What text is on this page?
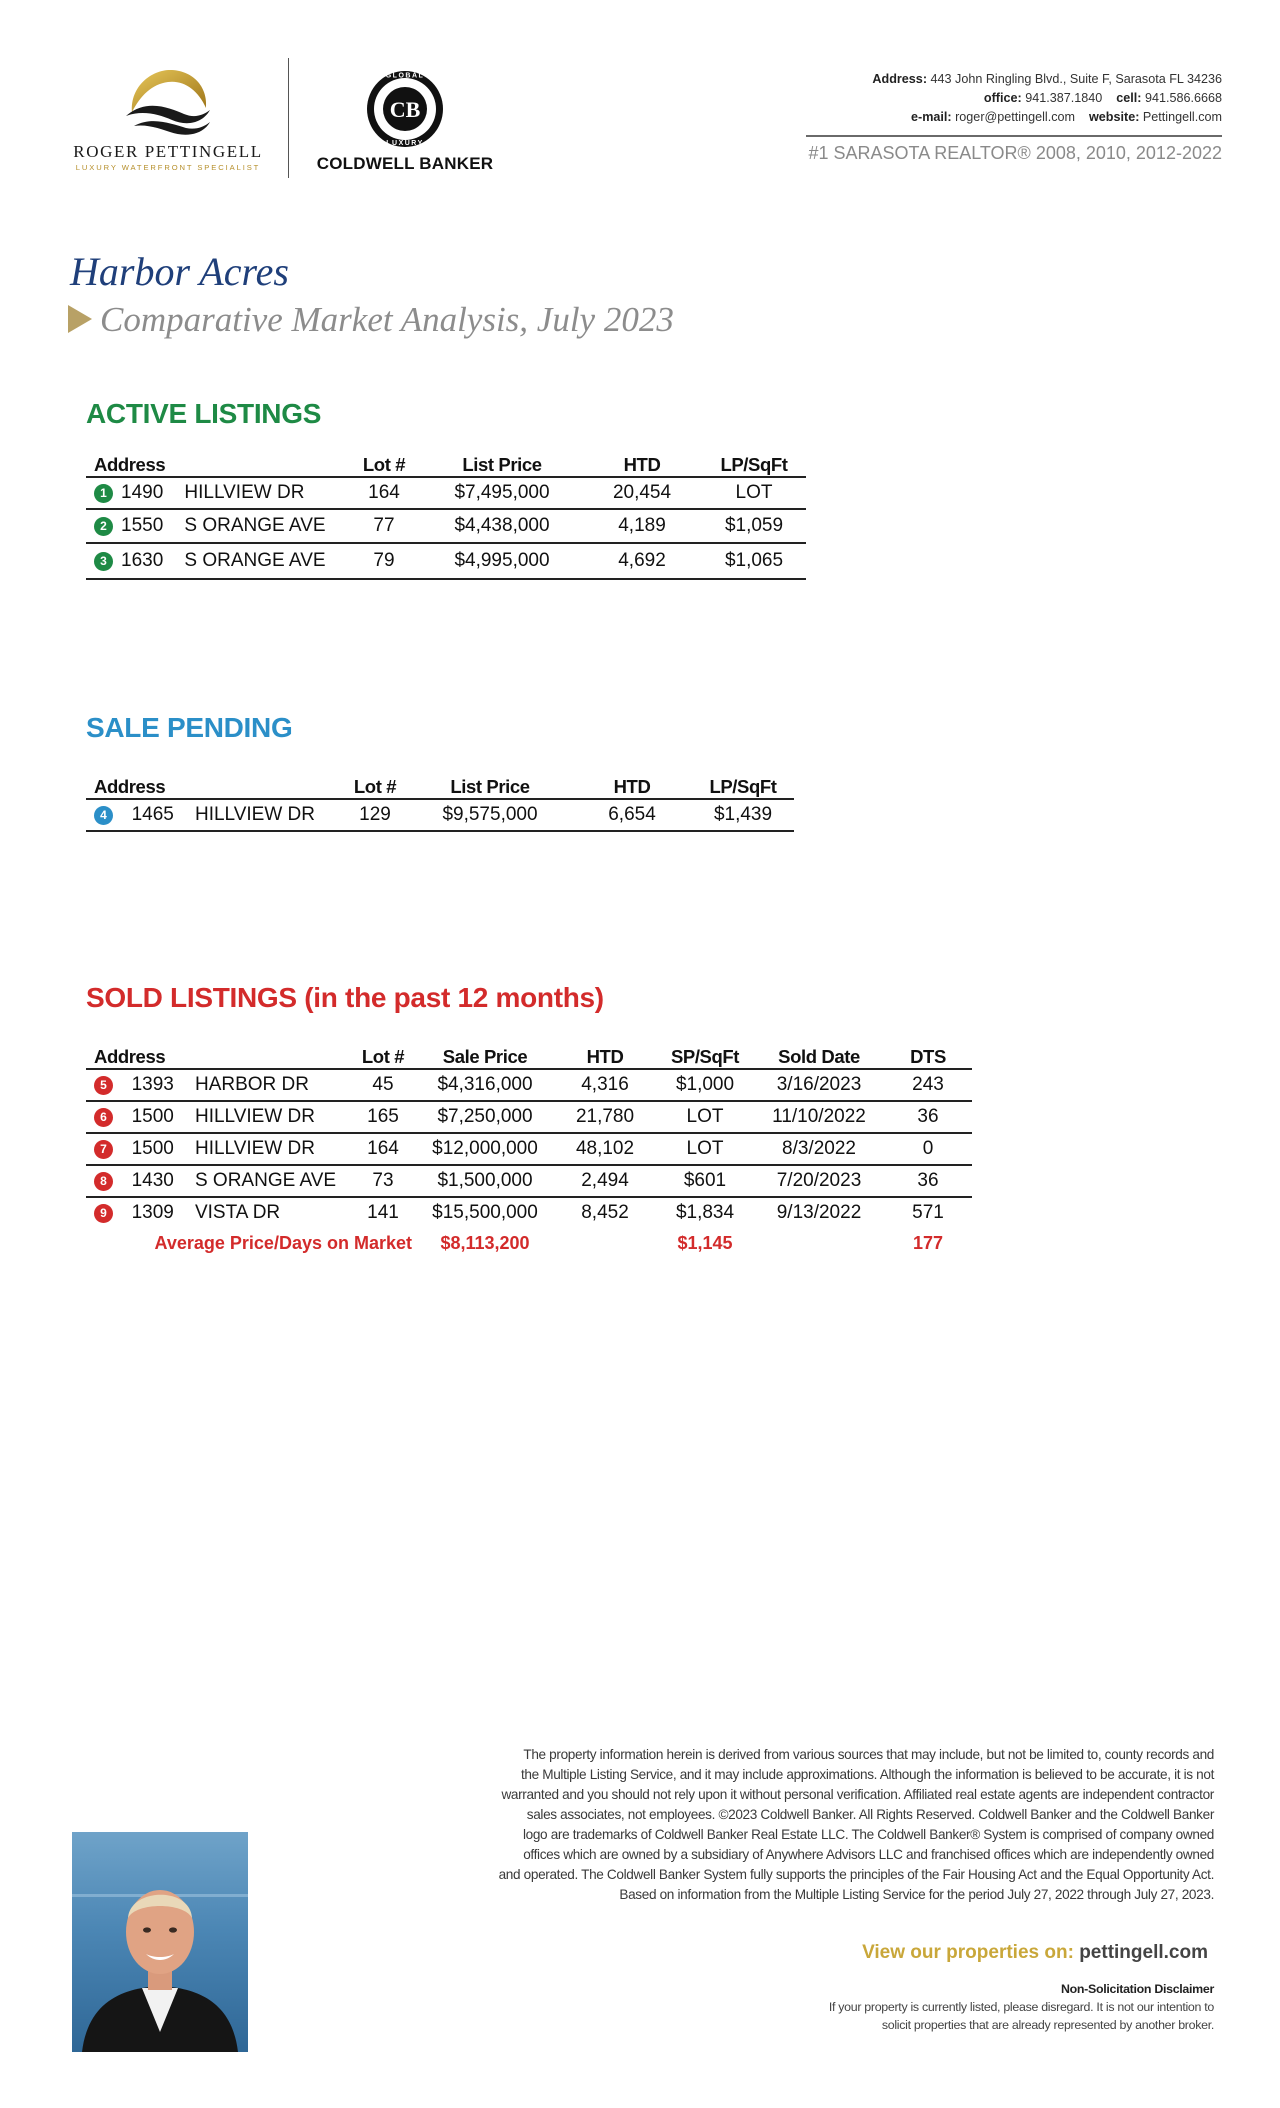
ROGER PETTINGELL
LUXURY WATERFRONT SPECIALIST
GLOBAL
LUXURY
CB
COLDWELL BANKER
Address: 443 John Ringling Blvd., Suite F, Sarasota FL 34236
office: 941.387.1840 cell: 941.586.6668
e-mail: roger@pettingell.com website: Pettingell.com
#1 SARASOTA REALTOR® 2008, 2010, 2012-2022
Harbor Acres
Comparative Market Analysis, July 2023
ACTIVE LISTINGS
Address	Lot #	List Price	HTD	LP/SqFt
1 1490 HILLVIEW DR	164	$7,495,000	20,454	LOT
2 1550 S ORANGE AVE	77	$4,438,000	4,189	$1,059
3 1630 S ORANGE AVE	79	$4,995,000	4,692	$1,065
SALE PENDING
Address	Lot #	List Price	HTD	LP/SqFt
4 1465 HILLVIEW DR	129	$9,575,000	6,654	$1,439
SOLD LISTINGS (in the past 12 months)
Address	Lot #	Sale Price	HTD	SP/SqFt	Sold Date	DTS
5 1393 HARBOR DR	45	$4,316,000	4,316	$1,000	3/16/2023	243
6 1500 HILLVIEW DR	165	$7,250,000	21,780	LOT	11/10/2022	36
7 1500 HILLVIEW DR	164	$12,000,000	48,102	LOT	8/3/2022	0
8 1430 S ORANGE AVE	73	$1,500,000	2,494	$601	7/20/2023	36
9 1309 VISTA DR	141	$15,500,000	8,452	$1,834	9/13/2022	571
Average Price/Days on Market		$8,113,200		$1,145		177
The property information herein is derived from various sources that may include, but not be limited to, county records and
the Multiple Listing Service, and it may include approximations. Although the information is believed to be accurate, it is not
warranted and you should not rely upon it without personal verification. Affiliated real estate agents are independent contractor
sales associates, not employees. ©2023 Coldwell Banker. All Rights Reserved. Coldwell Banker and the Coldwell Banker
logo are trademarks of Coldwell Banker Real Estate LLC. The Coldwell Banker® System is comprised of company owned
offices which are owned by a subsidiary of Anywhere Advisors LLC and franchised offices which are independently owned
and operated. The Coldwell Banker System fully supports the principles of the Fair Housing Act and the Equal Opportunity Act.
Based on information from the Multiple Listing Service for the period July 27, 2022 through July 27, 2023.
View our properties on: pettingell.com
Non-Solicitation Disclaimer
If your property is currently listed, please disregard. It is not our intention to
solicit properties that are already represented by another broker.
